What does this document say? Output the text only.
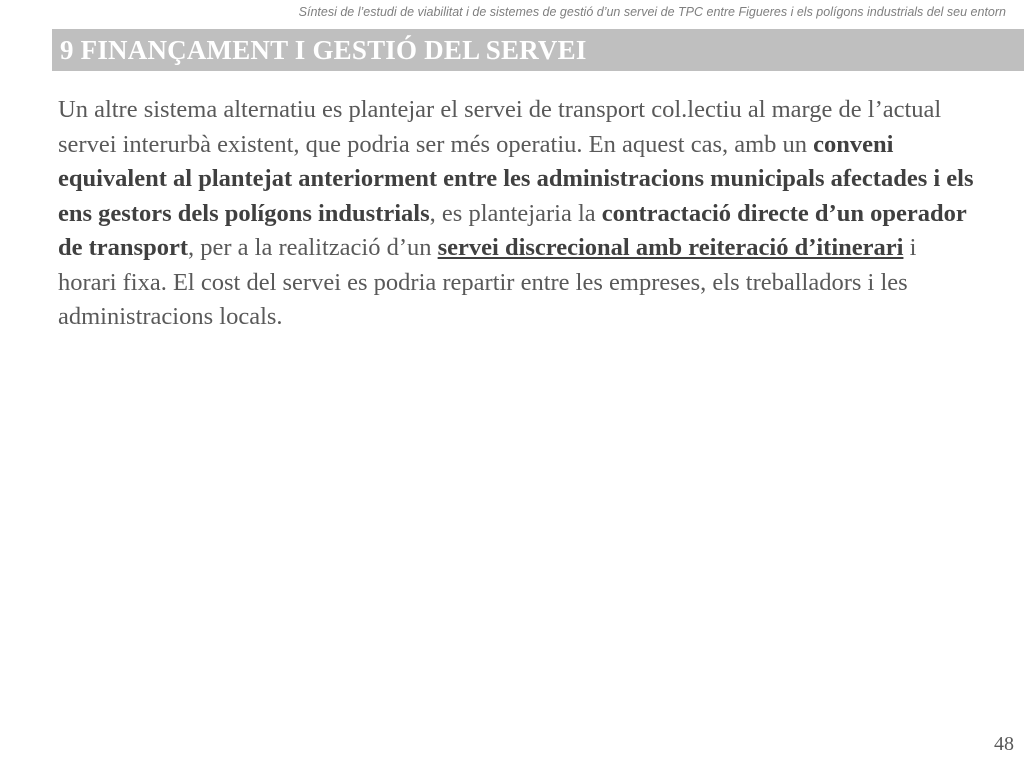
Síntesi de l’estudi de viabilitat i de sistemes de gestió d’un servei de TPC entre Figueres i els polígons industrials del seu entorn
9 FINANÇAMENT I GESTIÓ DEL SERVEI

Un altre sistema alternatiu es plantejar el servei de transport col.lectiu al marge de l’actual servei interurbà existent, que podria ser més operatiu. En aquest cas, amb un conveni equivalent al plantejat anteriorment entre les administracions municipals afectades i els ens gestors dels polígons industrials, es plantejaria la contractació directe d’un operador de transport, per a la realització d’un servei discrecional amb reiteració d’itinerari i horari fixa. El cost del servei es podria repartir entre les empreses, els treballadors i les administracions locals.

48
